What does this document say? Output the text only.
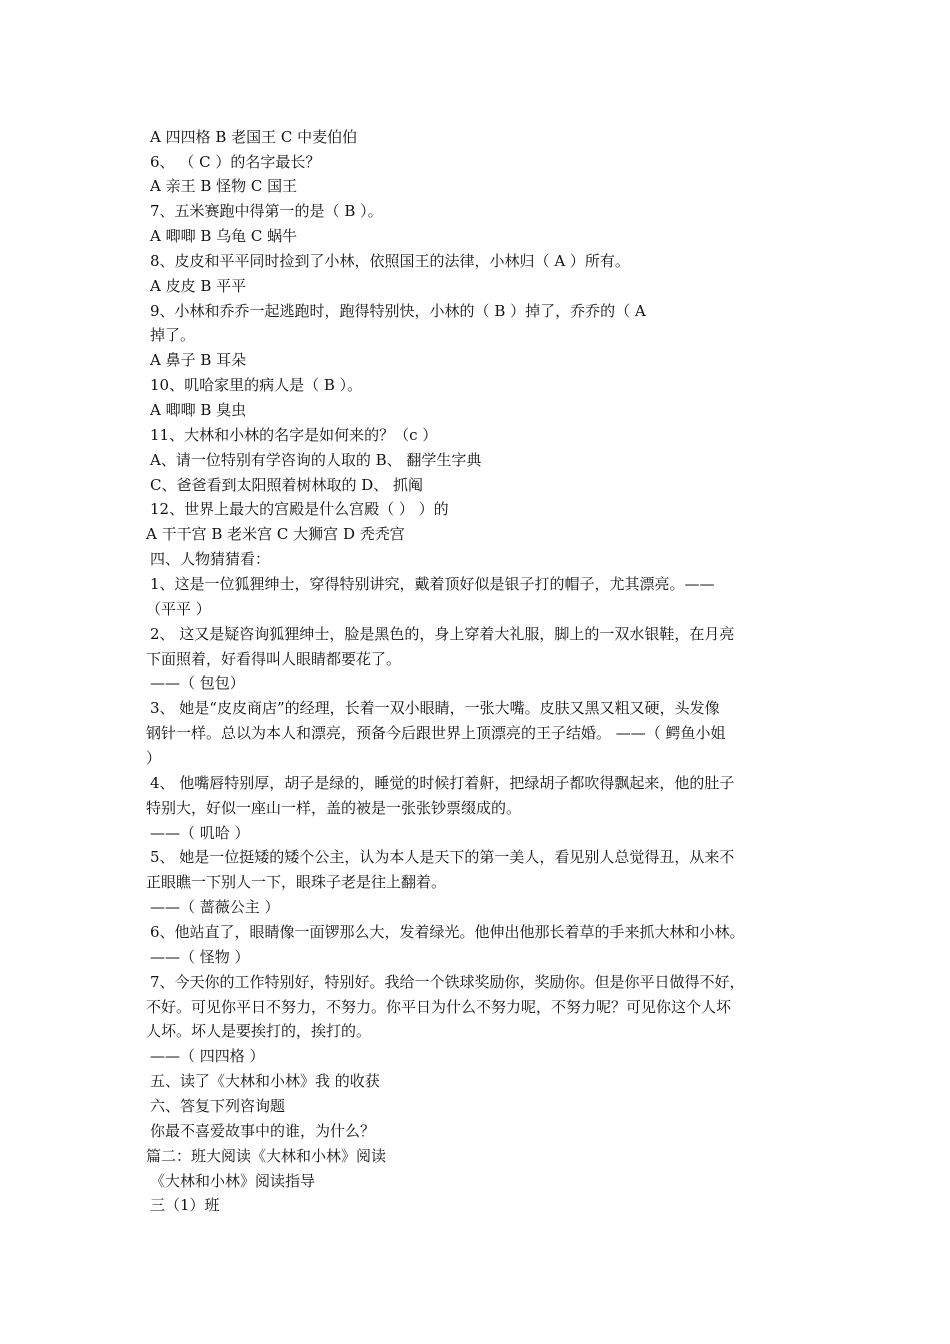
A 四四格 B 老国王 C 中麦伯伯
6、 （ C ）的名字最长？
A 亲王 B 怪物 C 国王
7、五米赛跑中得第一的是（ B ）。
A 唧唧 B 乌龟 C 蜗牛
8、皮皮和平平同时捡到了小林，依照国王的法律，小林归（ A ）所有。
A 皮皮 B 平平
9、小林和乔乔一起逃跑时，跑得特别快，小林的（ B ）掉了，乔乔的（ A
掉了。
A 鼻子 B 耳朵
10、叽哈家里的病人是（ B ）。
A 唧唧 B 臭虫
11、大林和小林的名字是如何来的？（c ）
A、请一位特别有学咨询的人取的 B、 翻学生字典
C、爸爸看到太阳照着树林取的 D、 抓阄
12、世界上最大的宫殿是什么宫殿（ ） ）的
A 干干宫 B 老米宫 C 大狮宫 D 秃秃宫
四、人物猜猜看：
1、这是一位狐狸绅士，穿得特别讲究，戴着顶好似是银子打的帽子，尤其漂亮。——
（平平 ）
2、 这又是疑咨询狐狸绅士，脸是黑色的，身上穿着大礼服，脚上的一双水银鞋，在月亮
下面照着，好看得叫人眼睛都要花了。
——（ 包包）
3、 她是“皮皮商店”的经理，长着一双小眼睛，一张大嘴。皮肤又黑又粗又硬，头发像
钢针一样。总以为本人和漂亮，预备今后跟世界上顶漂亮的王子结婚。 ——（ 鳄鱼小姐
）
4、 他嘴唇特别厚，胡子是绿的，睡觉的时候打着鼾，把绿胡子都吹得飘起来，他的肚子
特别大，好似一座山一样，盖的被是一张张钞票缀成的。
——（ 叽哈 ）
5、 她是一位挺矮的矮个公主，认为本人是天下的第一美人，看见别人总觉得丑，从来不
正眼瞧一下别人一下，眼珠子老是往上翻着。
——（ 蔷薇公主 ）
6、他站直了，眼睛像一面锣那么大，发着绿光。他伸出他那长着草的手来抓大林和小林。
——（ 怪物 ）
7、今天你的工作特别好，特别好。我给一个铁球奖励你，奖励你。但是你平日做得不好，
不好。可见你平日不努力，不努力。你平日为什么不努力呢，不努力呢？可见你这个人坏
人坏。坏人是要挨打的，挨打的。
——（ 四四格 ）
五、读了《大林和小林》我 的收获
六、答复下列咨询题
你最不喜爱故事中的谁，为什么？
篇二：班大阅读《大林和小林》阅读
《大林和小林》阅读指导
三（1）班
